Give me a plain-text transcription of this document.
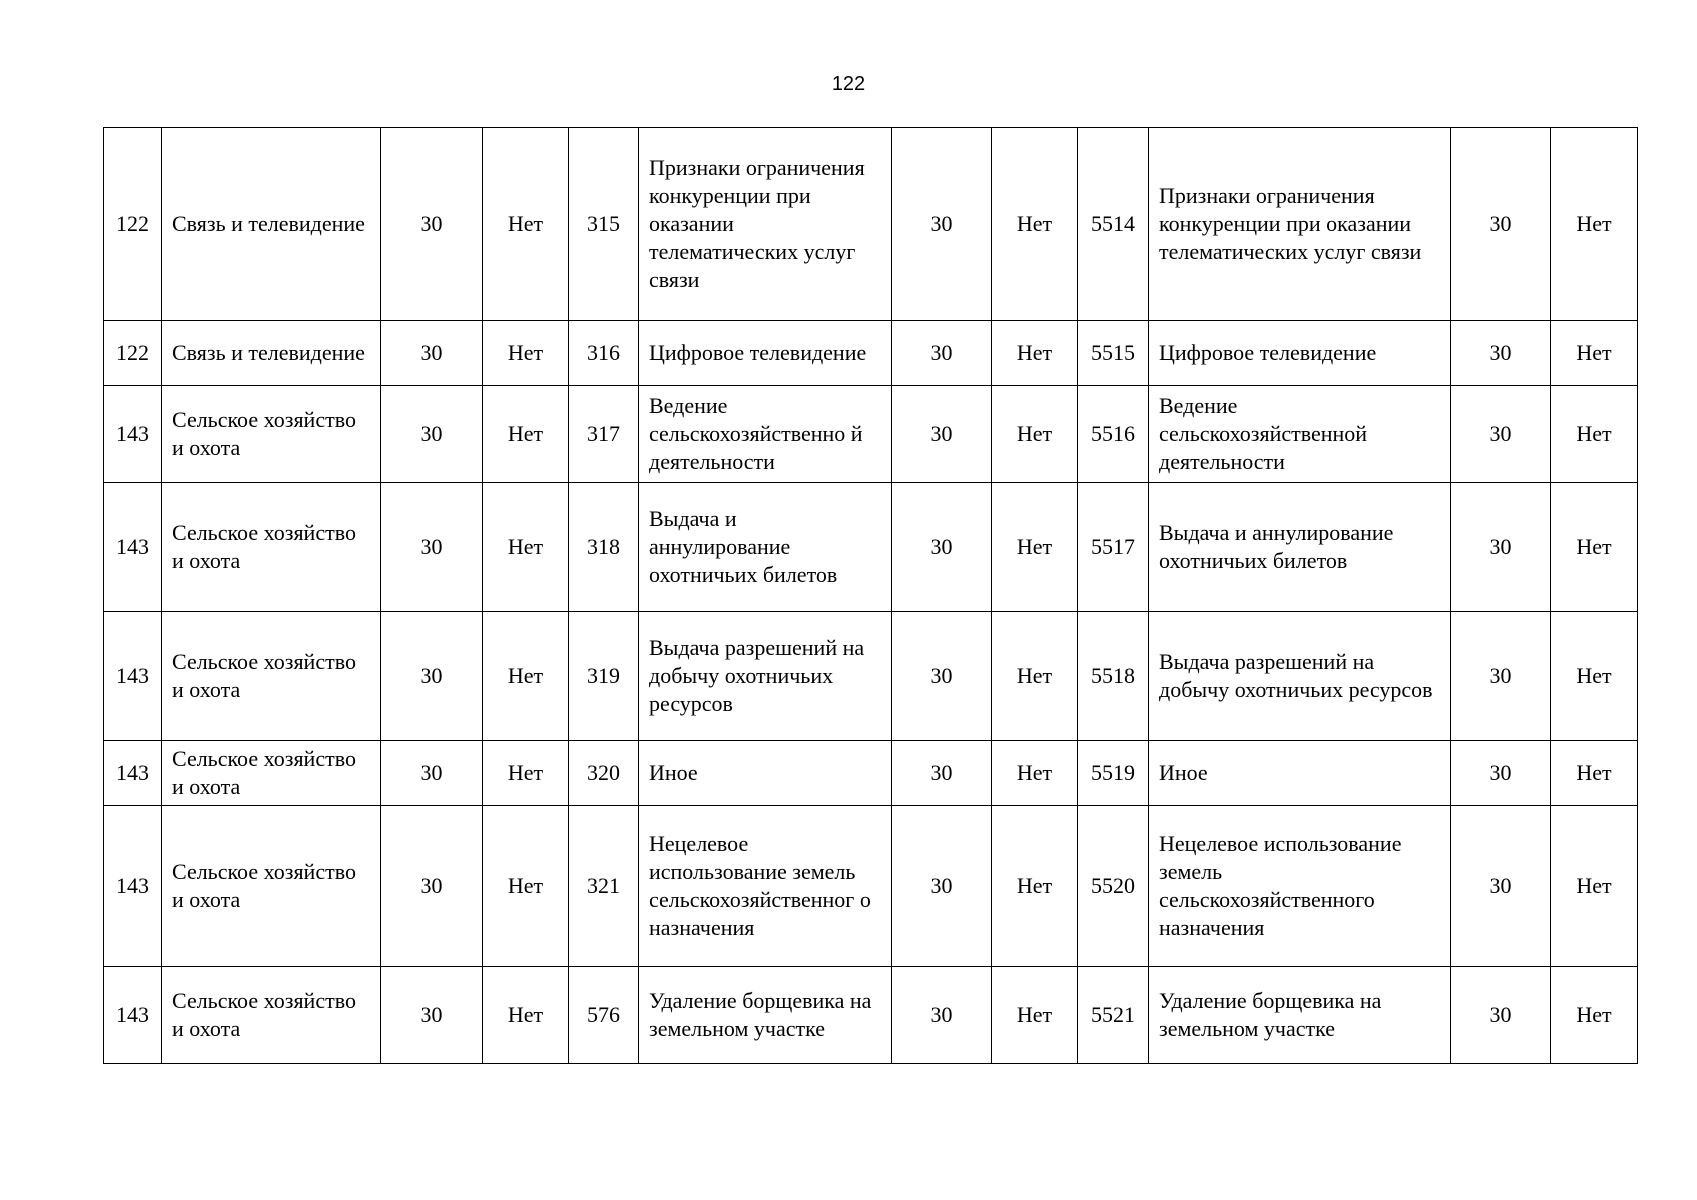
122
122	Связь и телевидение	30	Нет	315	Признаки ограничения конкуренции при оказании телематических услуг связи	30	Нет	5514	Признаки ограничения конкуренции при оказании телематических услуг связи	30	Нет
122	Связь и телевидение	30	Нет	316	Цифровое телевидение	30	Нет	5515	Цифровое телевидение	30	Нет
143	Сельское хозяйство и охота	30	Нет	317	Ведение сельскохозяйственно й деятельности	30	Нет	5516	Ведение сельскохозяйственной деятельности	30	Нет
143	Сельское хозяйство и охота	30	Нет	318	Выдача и аннулирование охотничьих билетов	30	Нет	5517	Выдача и аннулирование охотничьих билетов	30	Нет
143	Сельское хозяйство и охота	30	Нет	319	Выдача разрешений на добычу охотничьих ресурсов	30	Нет	5518	Выдача разрешений на добычу охотничьих ресурсов	30	Нет
143	Сельское хозяйство и охота	30	Нет	320	Иное	30	Нет	5519	Иное	30	Нет
143	Сельское хозяйство и охота	30	Нет	321	Нецелевое использование земель сельскохозяйственног о назначения	30	Нет	5520	Нецелевое использование земель сельскохозяйственного назначения	30	Нет
143	Сельское хозяйство и охота	30	Нет	576	Удаление борщевика на земельном участке	30	Нет	5521	Удаление борщевика на земельном участке	30	Нет
